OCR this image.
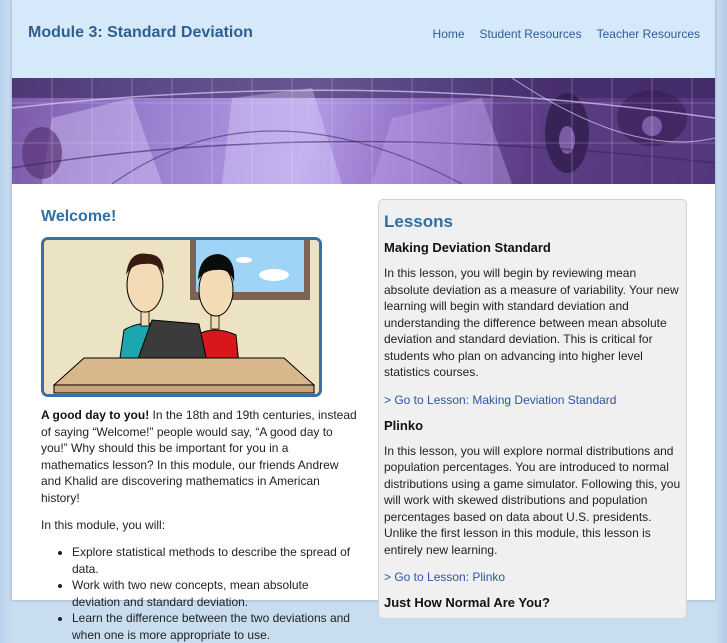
Module 3: Standard Deviation	Home Student Resources Teacher Resources
Welcome!

A good day to you! In the 18th and 19th centuries, instead of saying “Welcome!” people would say, “A good day to you!” Why should this be important for you in a mathematics lesson? In this module, our friends Andrew and Khalid are discovering mathematics in American history!

In this module, you will:

• Explore statistical methods to describe the spread of data.
• Work with two new concepts, mean absolute deviation and standard deviation.
• Learn the difference between the two deviations and when one is more appropriate to use.
Lessons
Making Deviation Standard

In this lesson, you will begin by reviewing mean absolute deviation as a measure of variability. Your new learning will begin with standard deviation and understanding the difference between mean absolute deviation and standard deviation. This is critical for students who plan on advancing into higher level statistics courses.

> Go to Lesson: Making Deviation Standard
Plinko

In this lesson, you will explore normal distributions and population percentages. You are introduced to normal distributions using a game simulator. Following this, you will work with skewed distributions and population percentages based on data about U.S. presidents. Unlike the first lesson in this module, this lesson is entirely new learning.

> Go to Lesson: Plinko
Just How Normal Are You?
